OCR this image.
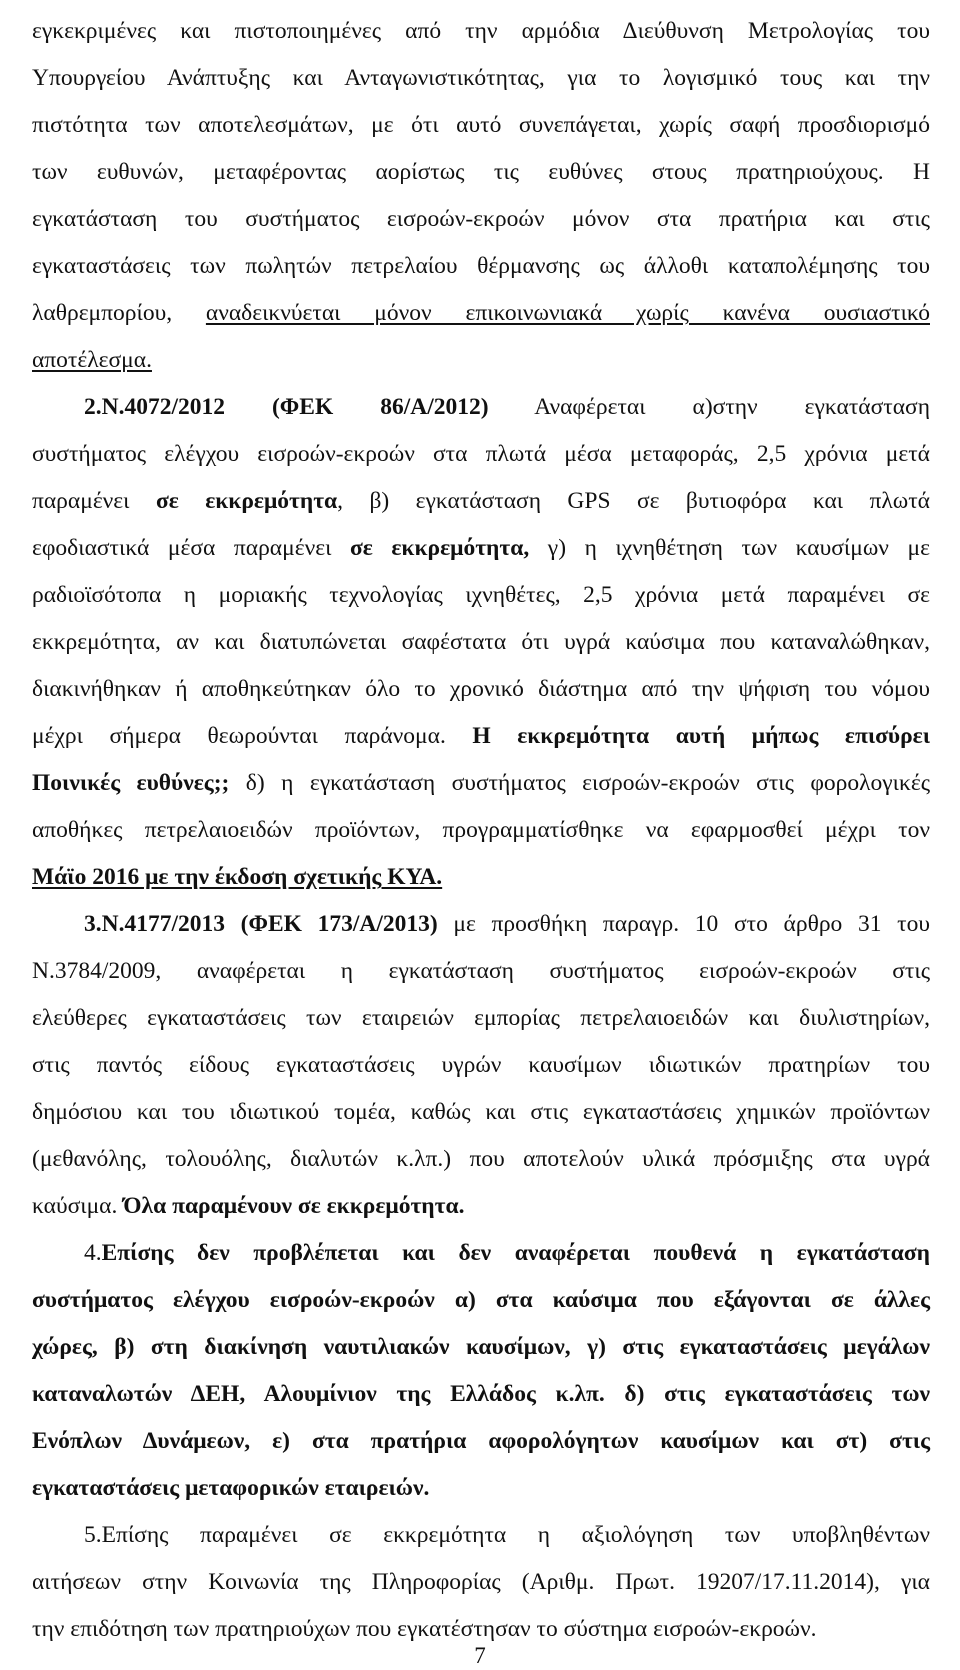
εγκεκριμένες και πιστοποιημένες από την αρμόδια Διεύθυνση Μετρολογίας του
Υπουργείου Ανάπτυξης και Ανταγωνιστικότητας, για το λογισμικό τους και την
πιστότητα των αποτελεσμάτων, με ότι αυτό συνεπάγεται, χωρίς σαφή προσδιορισμό
των ευθυνών, μεταφέροντας αορίστως τις ευθύνες στους πρατηριούχους. Η
εγκατάσταση του συστήματος εισροών-εκροών μόνον στα πρατήρια και στις
εγκαταστάσεις των πωλητών πετρελαίου θέρμανσης ως άλλοθι καταπολέμησης του
λαθρεμπορίου, αναδεικνύεται μόνον επικοινωνιακά χωρίς κανένα ουσιαστικό
αποτέλεσμα.
2.Ν.4072/2012 (ΦΕΚ 86/Α/2012) Αναφέρεται α)στην εγκατάσταση
συστήματος ελέγχου εισροών-εκροών στα πλωτά μέσα μεταφοράς, 2,5 χρόνια μετά
παραμένει σε εκκρεμότητα, β) εγκατάσταση GPS σε βυτιοφόρα και πλωτά
εφοδιαστικά μέσα παραμένει σε εκκρεμότητα, γ) η ιχνηθέτηση των καυσίμων με
ραδιοϊσότοπα η μοριακής τεχνολογίας ιχνηθέτες, 2,5 χρόνια μετά παραμένει σε
εκκρεμότητα, αν και διατυπώνεται σαφέστατα ότι υγρά καύσιμα που καταναλώθηκαν,
διακινήθηκαν ή αποθηκεύτηκαν όλο το χρονικό διάστημα από την ψήφιση του νόμου
μέχρι σήμερα θεωρούνται παράνομα. Η εκκρεμότητα αυτή μήπως επισύρει
Ποινικές ευθύνες;; δ) η εγκατάσταση συστήματος εισροών-εκροών στις φορολογικές
αποθήκες πετρελαιοειδών προϊόντων, προγραμματίσθηκε να εφαρμοσθεί μέχρι τον
Μάϊο 2016 με την έκδοση σχετικής ΚΥΑ.
3.Ν.4177/2013 (ΦΕΚ 173/Α/2013) με προσθήκη παραγρ. 10 στο άρθρο 31 του
Ν.3784/2009, αναφέρεται η εγκατάσταση συστήματος εισροών-εκροών στις
ελεύθερες εγκαταστάσεις των εταιρειών εμπορίας πετρελαιοειδών και διυλιστηρίων,
στις παντός είδους εγκαταστάσεις υγρών καυσίμων ιδιωτικών πρατηρίων του
δημόσιου και του ιδιωτικού τομέα, καθώς και στις εγκαταστάσεις χημικών προϊόντων
(μεθανόλης, τολουόλης, διαλυτών κ.λπ.) που αποτελούν υλικά πρόσμιξης στα υγρά
καύσιμα. Όλα παραμένουν σε εκκρεμότητα.
4.Επίσης δεν προβλέπεται και δεν αναφέρεται πουθενά η εγκατάσταση
συστήματος ελέγχου εισροών-εκροών α) στα καύσιμα που εξάγονται σε άλλες
χώρες, β) στη διακίνηση ναυτιλιακών καυσίμων, γ) στις εγκαταστάσεις μεγάλων
καταναλωτών ΔΕΗ, Αλουμίνιον της Ελλάδος κ.λπ. δ) στις εγκαταστάσεις των
Ενόπλων Δυνάμεων, ε) στα πρατήρια αφορολόγητων καυσίμων και στ) στις
εγκαταστάσεις μεταφορικών εταιρειών.
5.Επίσης παραμένει σε εκκρεμότητα η αξιολόγηση των υποβληθέντων
αιτήσεων στην Κοινωνία της Πληροφορίας (Αριθμ. Πρωτ. 19207/17.11.2014), για
την επιδότηση των πρατηριούχων που εγκατέστησαν το σύστημα εισροών-εκροών.
7
